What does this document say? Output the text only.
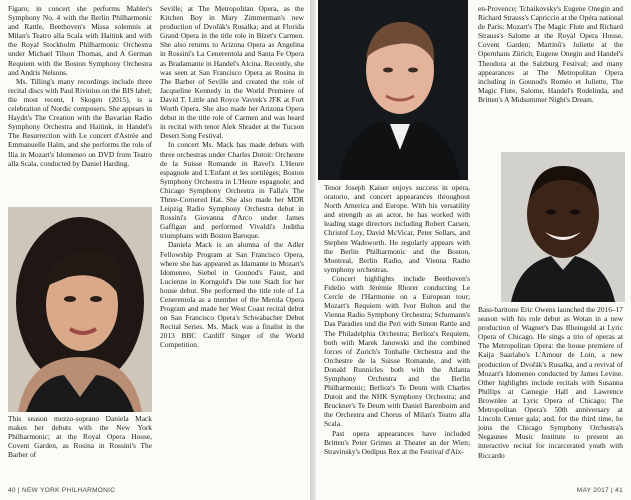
Figaro; in concert she performs Mahler's Symphony No. 4 with the Berlin Philharmonic and Rattle, Beethoven's Missa solemnis at Milan's Teatro alla Scala with Haitink and with the Royal Stockholm Philharmonic Orchestra under Michael Tilson Thomas, and A German Requiem with the Boston Symphony Orchestra and Andris Nelsons.

Ms. Tilling's many recordings include three recital discs with Paul Rivinius on the BIS label; the most recent, I Skogen (2015), is a celebration of Nordic composers. She appears in Haydn's The Creation with the Bavarian Radio Symphony Orchestra and Haitink, in Handel's The Resurrection with Le concert d'Astrée and Emmanuelle Haïm, and she performs the role of Ilia in Mozart's Idomeneo on DVD from Teatro alla Scala, conducted by Daniel Harding.

This season mezzo-soprano Daniela Mack makes her debuts with the New York Philharmonic; at the Royal Opera House, Covent Garden, as Rosina in Rossini's The Barber of

Seville; at The Metropolitan Opera, as the Kitchen Boy in Mary Zimmerman's new production of Dvořák's Rusalka; and at Florida Grand Opera in the title role in Bizet's Carmen. She also returns to Arizona Opera as Angelina in Rossini's La Cenerentola and Santa Fe Opera as Bradamante in Handel's Alcina. Recently, she was seen at San Francisco Opera as Rosina in The Barber of Seville and created the role of Jacqueline Kennedy in the World Premiere of David T. Little and Royce Vavrek's JFK at Fort Worth Opera. She also made her Arizona Opera debut in the title role of Carmen and was heard in recital with tenor Alek Shrader at the Tucson Desert Song Festival.

In concert Ms. Mack has made debuts with three orchestras under Charles Dutoit: Orchestre de la Suisse Romande in Ravel's L'Heure espagnole and L'Enfant et les sortilèges; Boston Symphony Orchestra in L'Heure espagnole; and Chicago Symphony Orchestra in Falla's The Three-Cornered Hat. She also made her MDR Leipzig Radio Symphony Orchestra debut in Rossini's Giovanna d'Arco under James Gaffigan and performed Vivaldi's Juditha triumphans with Boston Baroque.

Daniela Mack is an alumna of the Adler Fellowship Program at San Francisco Opera, where she has appeared as Idamante in Mozart's Idomeneo, Siebel in Gounod's Faust, and Lucienne in Korngold's Die tote Stadt for her house debut. She performed the title role of La Cenerentola as a member of the Merola Opera Program and made her West Coast recital debut on San Francisco Opera's Schwabacher Debut Recital Series. Ms. Mack was a finalist in the 2013 BBC Cardiff Singer of the World Competition.

40 | NEW YORK PHILHARMONIC

Tenor Joseph Kaiser enjoys success in opera, oratorio, and concert appearances throughout North America and Europe. With his versatility and strength as an actor, he has worked with leading stage directors including Robert Carsen, Christof Loy, David McVicar, Peter Sellars, and Stephen Wadsworth. He regularly appears with the Berlin Philharmonic and the Boston, Montreal, Berlin Radio, and Vienna Radio symphony orchestras.

Concert highlights include Beethoven's Fidelio with Jérémie Rhorer conducting Le Cercle de l'Harmonie on a European tour; Mozart's Requiem with Ivor Bolton and the Vienna Radio Symphony Orchestra; Schumann's Das Paradies und die Peri with Simon Rattle and The Philadelphia Orchestra; Berlioz's Requiem, both with Marek Janowski and the combined forces of Zurich's Tonhalle Orchestra and the Orchestre de la Suisse Romande, and with Donald Runnicles both with the Atlanta Symphony Orchestra and the Berlin Philharmonic; Berlioz's Te Deum with Charles Dutoit and the NHK Symphony Orchestra; and Bruckner's Te Deum with Daniel Barenboim and the Orchestra and Chorus of Milan's Teatro alla Scala.

Past opera appearances have included Britten's Peter Grimes at Theater an der Wien; Stravinsky's Oedipus Rex at the Festival d'Aix-

en-Provence; Tchaikovsky's Eugene Onegin and Richard Strauss's Capriccio at the Opéra national de Paris; Mozart's The Magic Flute and Richard Strauss's Salome at the Royal Opera House, Covent Garden; Martinů's Juliette at the Opernhaus Zürich; Eugene Onegin and Handel's Theodora at the Salzburg Festival; and many appearances at The Metropolitan Opera including in Gounod's Roméo et Juliette, The Magic Flute, Salome, Handel's Rodelinda, and Britten's A Midsummer Night's Dream.

Bass-baritone Eric Owens launched the 2016–17 season with his role debut as Wotan in a new production of Wagner's Das Rheingold at Lyric Opera of Chicago. He sings a trio of operas at The Metropolitan Opera: the house premiere of Kaija Saariaho's L'Amour de Loin, a new production of Dvořák's Rusalka, and a revival of Mozart's Idomeneo conducted by James Levine. Other highlights include recitals with Susanna Phillips at Carnegie Hall and Lawrence Brownlee at Lyric Opera of Chicago; The Metropolitan Opera's 50th anniversary at Lincoln Center gala; and, for the third time, he joins the Chicago Symphony Orchestra's Negaunee Music Institute to present an interactive recital for incarcerated youth with Riccardo

MAY 2017 | 41
